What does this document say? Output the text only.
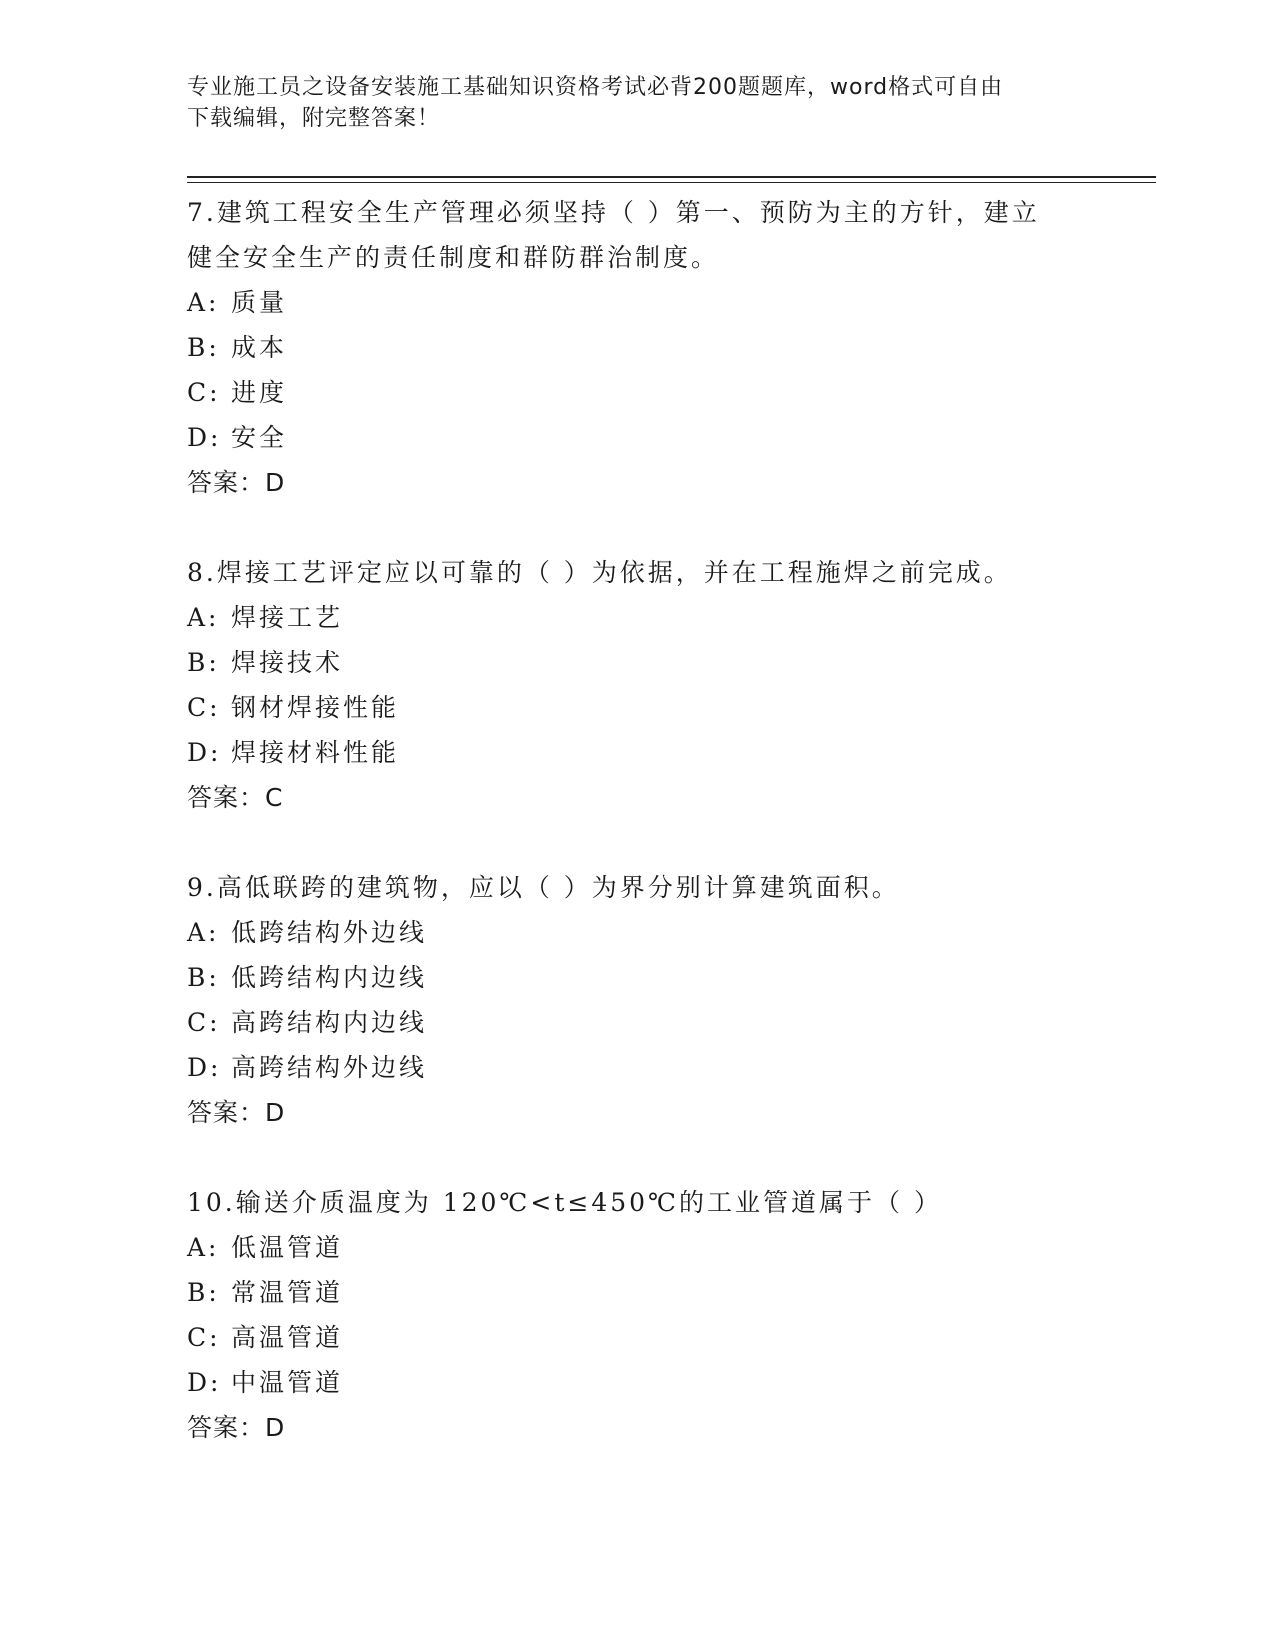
专业施工员之设备安装施工基础知识资格考试必背200题题库，word格式可自由
下载编辑，附完整答案！

7.建筑工程安全生产管理必须坚持（ ）第一、预防为主的方针，建立

健全安全生产的责任制度和群防群治制度。

A: 质量

B: 成本

C: 进度

D: 安全

答案：D

8.焊接工艺评定应以可靠的（ ）为依据，并在工程施焊之前完成。

A: 焊接工艺

B: 焊接技术

C: 钢材焊接性能

D: 焊接材料性能

答案：C

9.高低联跨的建筑物，应以（ ）为界分别计算建筑面积。

A: 低跨结构外边线

B: 低跨结构内边线

C: 高跨结构内边线

D: 高跨结构外边线

答案：D

10.输送介质温度为 120℃<t≤450℃的工业管道属于（ ）

A: 低温管道

B: 常温管道

C: 高温管道

D: 中温管道

答案：D
